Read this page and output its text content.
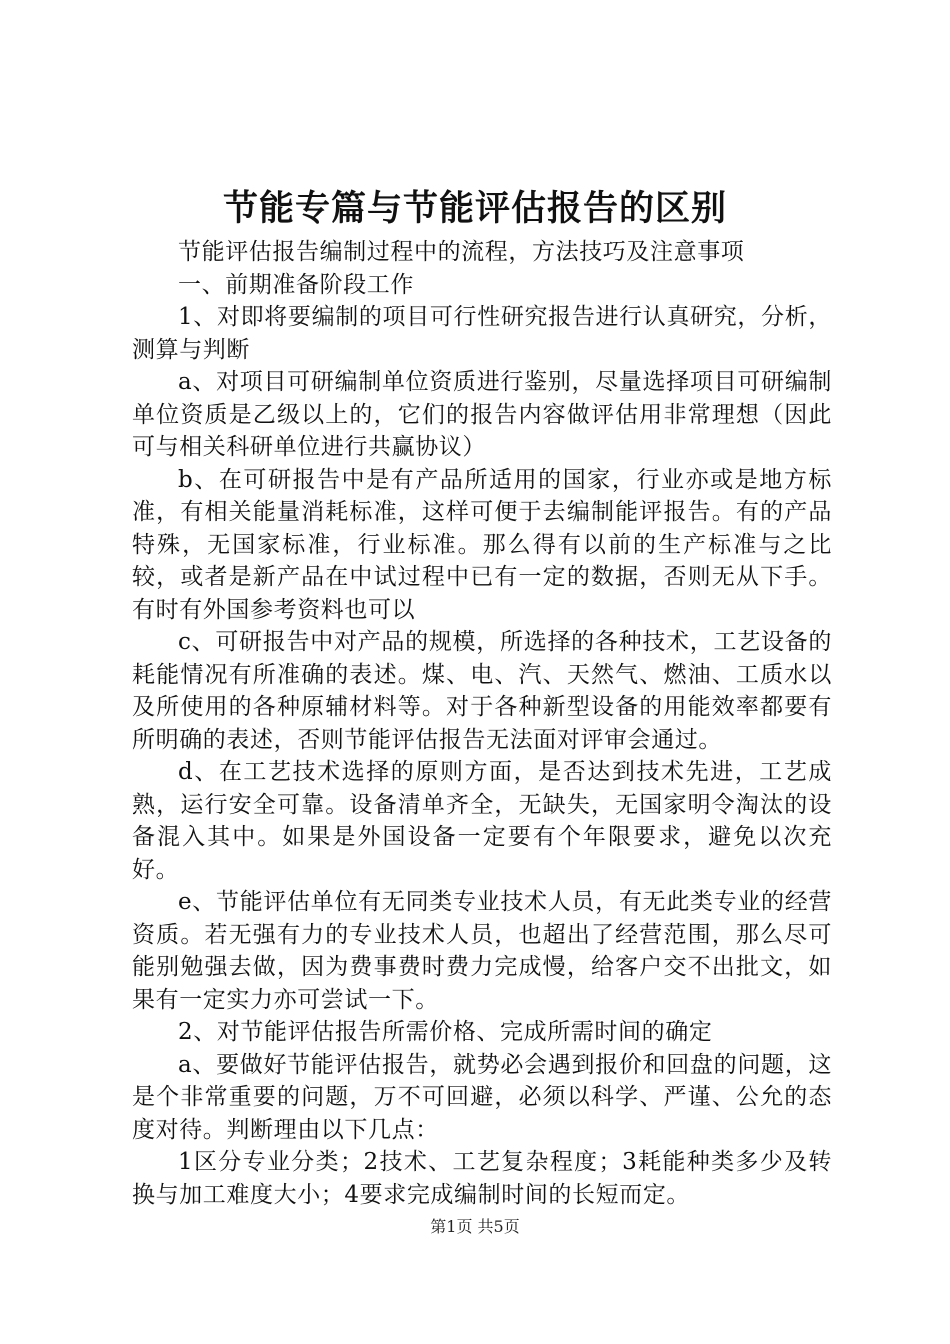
节能专篇与节能评估报告的区别

节能评估报告编制过程中的流程，方法技巧及注意事项

一、前期准备阶段工作

1、对即将要编制的项目可行性研究报告进行认真研究，分析，测算与判断

a、对项目可研编制单位资质进行鉴别，尽量选择项目可研编制单位资质是乙级以上的，它们的报告内容做评估用非常理想（因此可与相关科研单位进行共赢协议）

b、在可研报告中是有产品所适用的国家，行业亦或是地方标准，有相关能量消耗标准，这样可便于去编制能评报告。有的产品特殊，无国家标准，行业标准。那么得有以前的生产标准与之比较，或者是新产品在中试过程中已有一定的数据，否则无从下手。有时有外国参考资料也可以

c、可研报告中对产品的规模，所选择的各种技术，工艺设备的耗能情况有所准确的表述。煤、电、汽、天然气、燃油、工质水以及所使用的各种原辅材料等。对于各种新型设备的用能效率都要有所明确的表述，否则节能评估报告无法面对评审会通过。

d、在工艺技术选择的原则方面，是否达到技术先进，工艺成熟，运行安全可靠。设备清单齐全，无缺失，无国家明令淘汰的设备混入其中。如果是外国设备一定要有个年限要求，避免以次充好。

e、节能评估单位有无同类专业技术人员，有无此类专业的经营资质。若无强有力的专业技术人员，也超出了经营范围，那么尽可能别勉强去做，因为费事费时费力完成慢，给客户交不出批文，如果有一定实力亦可尝试一下。

2、对节能评估报告所需价格、完成所需时间的确定

a、要做好节能评估报告，就势必会遇到报价和回盘的问题，这是个非常重要的问题，万不可回避，必须以科学、严谨、公允的态度对待。判断理由以下几点：

1区分专业分类；2技术、工艺复杂程度；3耗能种类多少及转换与加工难度大小；4要求完成编制时间的长短而定。

第1页 共5页
